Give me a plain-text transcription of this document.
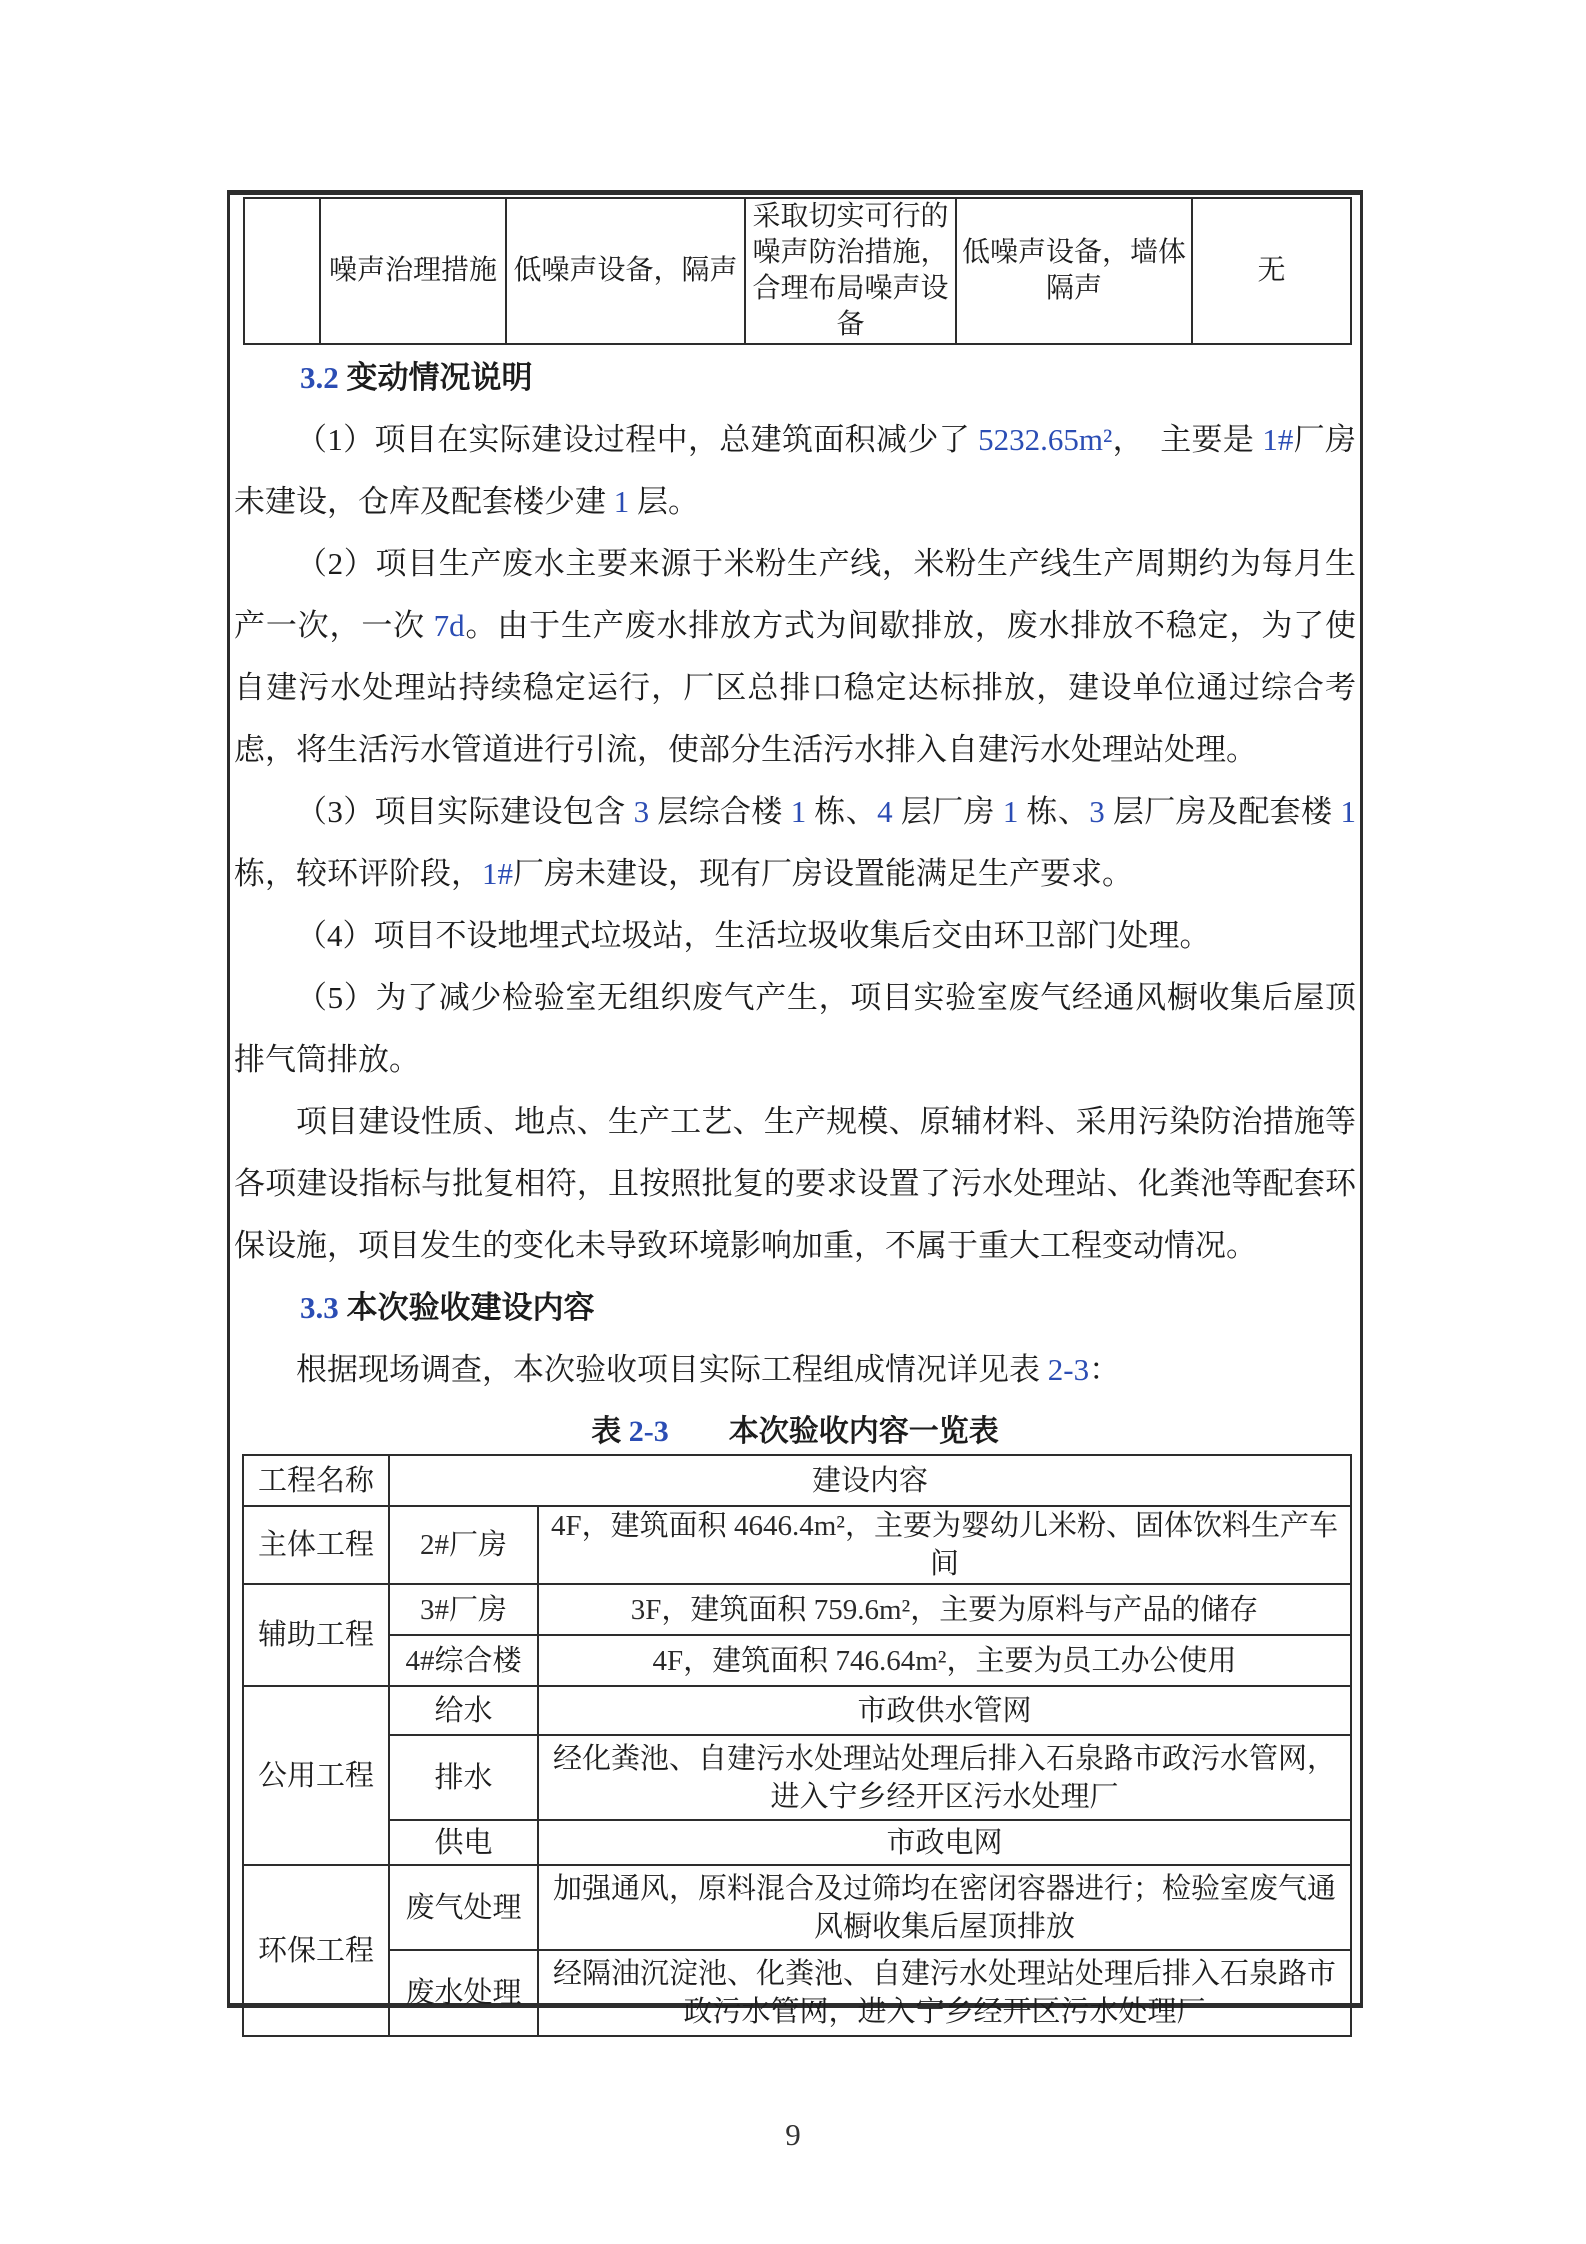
	噪声治理措施	低噪声设备，隔声	采取切实可行的噪声防治措施，合理布局噪声设备	低噪声设备，墙体隔声	无
3.2 变动情况说明

（1）项目在实际建设过程中，总建筑面积减少了 5232.65m²，  主要是 1#厂房未建设，仓库及配套楼少建 1 层。

（2）项目生产废水主要来源于米粉生产线，米粉生产线生产周期约为每月生产一次，一次 7d。由于生产废水排放方式为间歇排放，废水排放不稳定，为了使自建污水处理站持续稳定运行，厂区总排口稳定达标排放，建设单位通过综合考虑，将生活污水管道进行引流，使部分生活污水排入自建污水处理站处理。

（3）项目实际建设包含 3 层综合楼 1 栋、4 层厂房 1 栋、3 层厂房及配套楼 1 栋，较环评阶段，1#厂房未建设，现有厂房设置能满足生产要求。

（4）项目不设地埋式垃圾站，生活垃圾收集后交由环卫部门处理。

（5）为了减少检验室无组织废气产生，项目实验室废气经通风橱收集后屋顶排气筒排放。

项目建设性质、地点、生产工艺、生产规模、原辅材料、采用污染防治措施等各项建设指标与批复相符，且按照批复的要求设置了污水处理站、化粪池等配套环保设施，项目发生的变化未导致环境影响加重，不属于重大工程变动情况。

3.3 本次验收建设内容

根据现场调查，本次验收项目实际工程组成情况详见表 2-3：

表 2-3　　本次验收内容一览表
工程名称	建设内容	
主体工程	2#厂房	4F，建筑面积 4646.4m²，主要为婴幼儿米粉、固体饮料生产车间
辅助工程	3#厂房	3F，建筑面积 759.6m²，主要为原料与产品的储存
	4#综合楼	4F，建筑面积 746.64m²，主要为员工办公使用
公用工程	给水	市政供水管网
	排水	经化粪池、自建污水处理站处理后排入石泉路市政污水管网，进入宁乡经开区污水处理厂
	供电	市政电网
环保工程	废气处理	加强通风，原料混合及过筛均在密闭容器进行；检验室废气通风橱收集后屋顶排放
	废水处理	经隔油沉淀池、化粪池、自建污水处理站处理后排入石泉路市政污水管网，进入宁乡经开区污水处理厂
9
